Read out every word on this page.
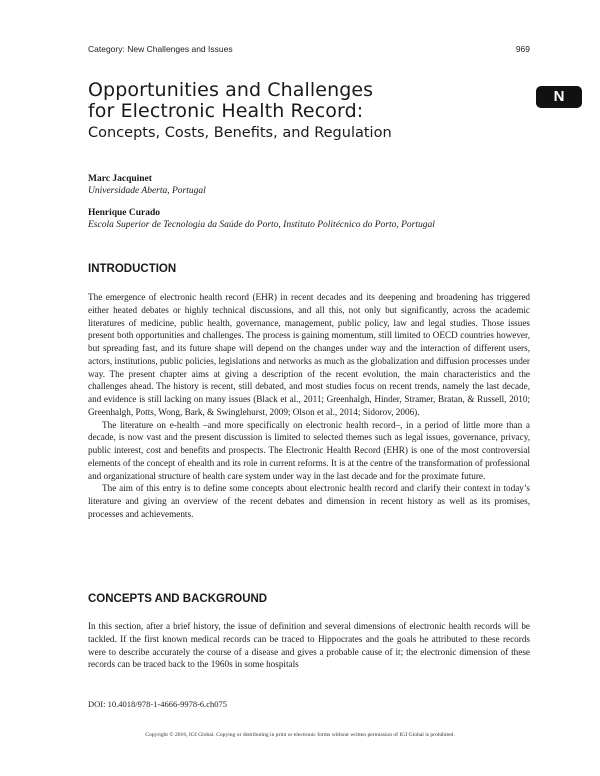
Category: New Challenges and Issues	969
N
Opportunities and Challenges
for Electronic Health Record:
Concepts, Costs, Benefits, and Regulation
Marc Jacquinet
Universidade Aberta, Portugal
Henrique Curado
Escola Superior de Tecnologia da Saúde do Porto, Instituto Politécnico do Porto, Portugal
INTRODUCTION

The emergence of electronic health record (EHR) in recent decades and its deepening and broadening has triggered either heated debates or highly technical discussions, and all this, not only but significantly, across the academic literatures of medicine, public health, governance, management, public policy, law and legal studies. Those issues present both opportunities and challenges. The process is gaining momentum, still limited to OECD countries however, but spreading fast, and its future shape will depend on the changes under way and the interaction of different users, actors, institutions, public policies, legislations and networks as much as the globalization and diffusion processes under way. The present chapter aims at giving a description of the recent evolution, the main characteristics and the challenges ahead. The history is recent, still debated, and most studies focus on recent trends, namely the last decade, and evidence is still lacking on many issues (Black et al., 2011; Greenhalgh, Hinder, Stramer, Bratan, & Russell, 2010; Greenhalgh, Potts, Wong, Bark, & Swinglehurst, 2009; Olson et al., 2014; Sidorov, 2006).

The literature on e-health –and more specifically on electronic health record–, in a period of little more than a decade, is now vast and the present discussion is limited to selected themes such as legal issues, governance, privacy, public interest, cost and benefits and prospects. The Electronic Health Record (EHR) is one of the most controversial elements of the concept of ehealth and its role in current reforms. It is at the centre of the transformation of professional and organizational structure of health care system under way in the last decade and for the proximate future.

The aim of this entry is to define some concepts about electronic health record and clarify their context in today’s literature and giving an overview of the recent debates and dimension in recent history as well as its promises, processes and achievements.

CONCEPTS AND BACKGROUND

In this section, after a brief history, the issue of definition and several dimensions of electronic health records will be tackled. If the first known medical records can be traced to Hippocrates and the goals he attributed to these records were to describe accurately the course of a disease and gives a probable cause of it; the electronic dimension of these records can be traced back to the 1960s in some hospitals

DOI: 10.4018/978-1-4666-9978-6.ch075
Copyright © 2016, IGI Global. Copying or distributing in print or electronic forms without written permission of IGI Global is prohibited.
